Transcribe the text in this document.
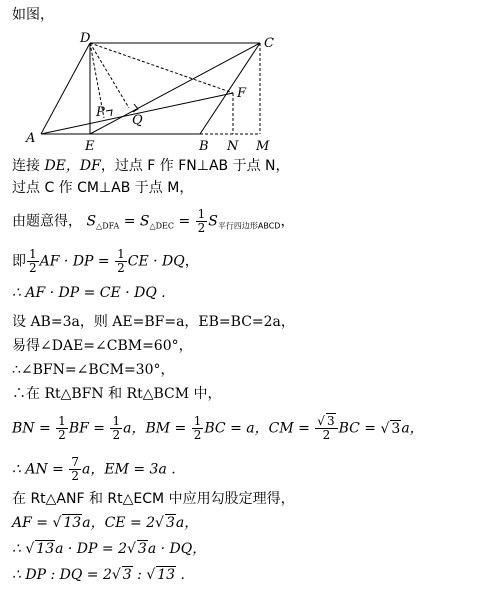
如图，
D	C
F
P
Q
A
E	B N M
连接 DE，DF，过点 F 作 FN⊥AB 于点 N，
过点 C 作 CM⊥AB 于点 M，
由题意得， $S_{\triangle DFA} = S_{\triangle DEC} = \frac{1}{2} S_{平行四边形ABCD}$，
即 $\frac{1}{2}$ AF · DP = $\frac{1}{2}$ CE · DQ，
∴ AF · DP = CE · DQ .
设 AB=3a，则 AE=BF=a，EB=BC=2a，
易得∠DAE=∠CBM=60°，
∴∠BFN=∠BCM=30°，
∴在 Rt△BFN 和 Rt△BCM 中，
BN = $\frac{1}{2}$ BF = $\frac{1}{2}$ a，BM = $\frac{1}{2}$ BC = a，CM = $\frac{√ 3}{2}$ BC = √ 3a，
∴ AN = $\frac{7}{2}$ a，EM = 3a .
在 Rt△ANF 和 Rt△ECM 中应用勾股定理得，
AF = √ 13a，CE = 2√ 3a，
∴ √ 13a · DP = 2√ 3a · DQ，
∴ DP : DQ = 2√ 3 : √ 13 .
